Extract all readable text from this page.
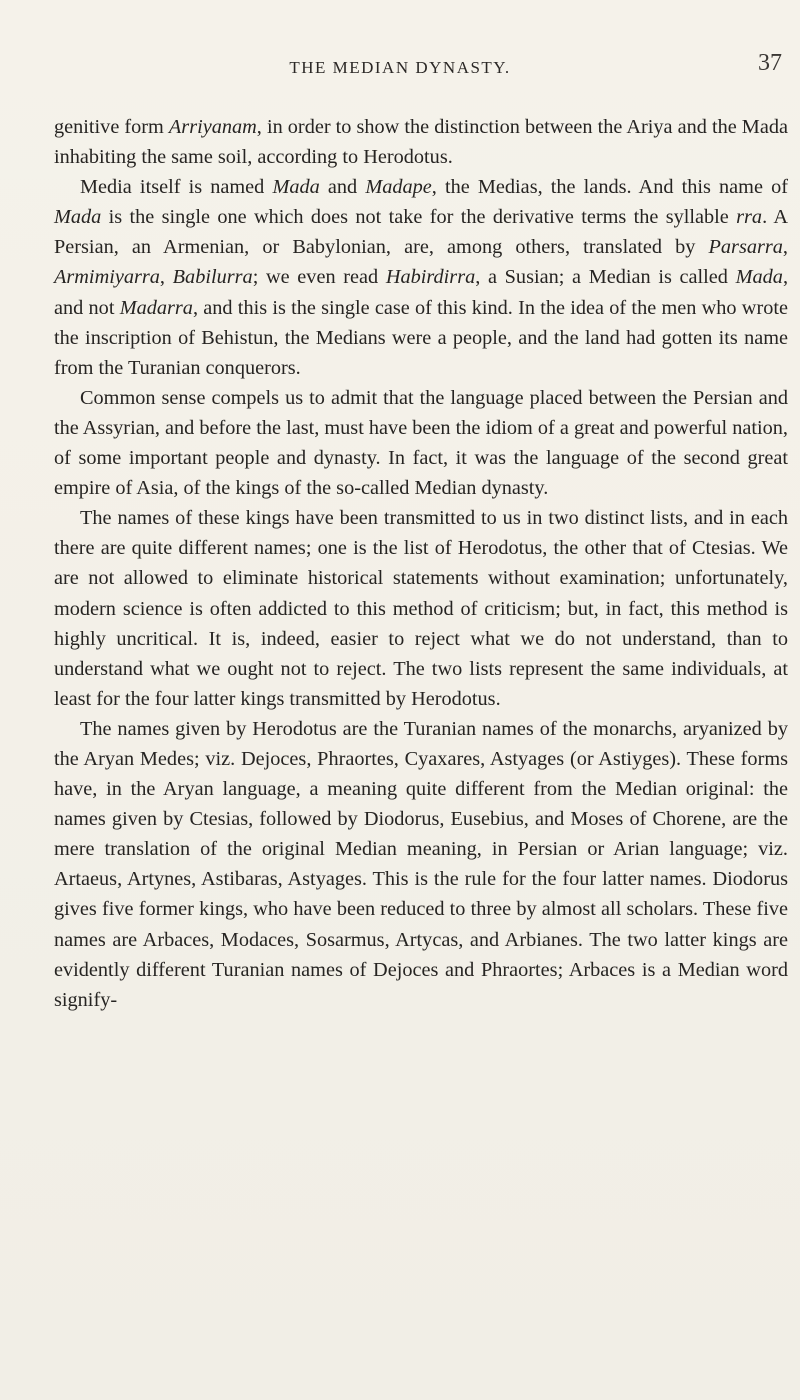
THE MEDIAN DYNASTY.	37

genitive form Arriyanam, in order to show the distinction between the Ariya and the Mada inhabiting the same soil, according to Herodotus.

Media itself is named Mada and Madape, the Medias, the lands. And this name of Mada is the single one which does not take for the derivative terms the syllable rra. A Persian, an Armenian, or Babylonian, are, among others, translated by Parsarra, Armimiyarra, Babilurra; we even read Habirdirra, a Susian; a Median is called Mada, and not Madarra, and this is the single case of this kind. In the idea of the men who wrote the inscription of Behistun, the Medians were a people, and the land had gotten its name from the Turanian conquerors.

Common sense compels us to admit that the language placed between the Persian and the Assyrian, and before the last, must have been the idiom of a great and powerful nation, of some important people and dynasty. In fact, it was the language of the second great empire of Asia, of the kings of the so-called Median dynasty.

The names of these kings have been transmitted to us in two distinct lists, and in each there are quite different names; one is the list of Herodotus, the other that of Ctesias. We are not allowed to eliminate historical statements without examination; unfortunately, modern science is often addicted to this method of criticism; but, in fact, this method is highly uncritical. It is, indeed, easier to reject what we do not understand, than to understand what we ought not to reject. The two lists represent the same individuals, at least for the four latter kings transmitted by Herodotus.

The names given by Herodotus are the Turanian names of the monarchs, aryanized by the Aryan Medes; viz. Dejoces, Phraortes, Cyaxares, Astyages (or Astiyges). These forms have, in the Aryan language, a meaning quite different from the Median original: the names given by Ctesias, followed by Diodorus, Eusebius, and Moses of Chorene, are the mere translation of the original Median meaning, in Persian or Arian language; viz. Artaeus, Artynes, Astibaras, Astyages. This is the rule for the four latter names. Diodorus gives five former kings, who have been reduced to three by almost all scholars. These five names are Arbaces, Modaces, Sosarmus, Artycas, and Arbianes. The two latter kings are evidently different Turanian names of Dejoces and Phraortes; Arbaces is a Median word signify-
